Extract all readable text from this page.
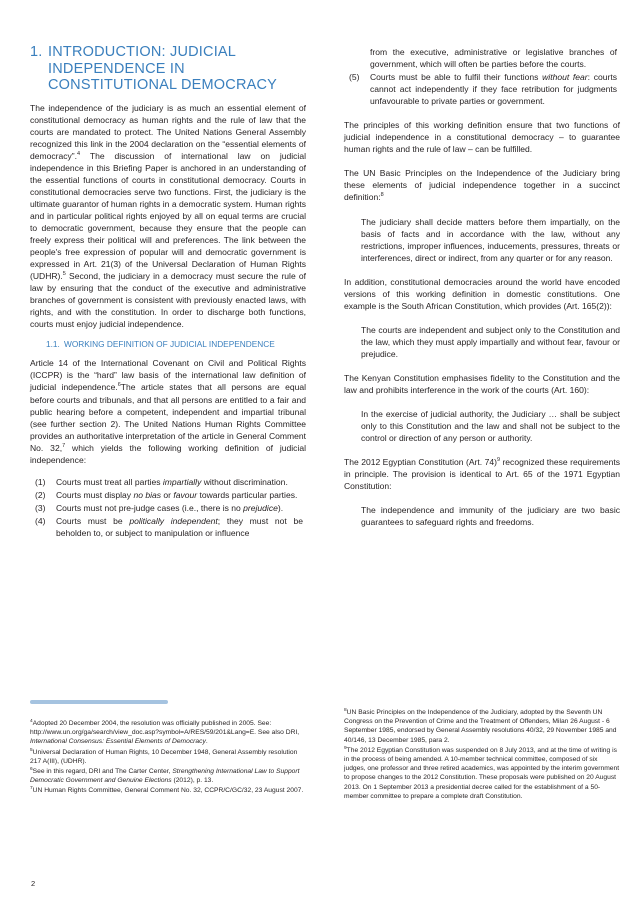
1. INTRODUCTION: JUDICIAL INDEPENDENCE IN CONSTITUTIONAL DEMOCRACY

The independence of the judiciary is as much an essential element of constitutional democracy as human rights and the rule of law that the courts are mandated to protect. The United Nations General Assembly recognized this link in the 2004 declaration on the “essential elements of democracy”.$^4$ The discussion of international law on judicial independence in this Briefing Paper is anchored in an understanding of the essential functions of courts in constitutional democracy. Courts in constitutional democracies serve two functions. First, the judiciary is the ultimate guarantor of human rights in a democratic system. Human rights and in particular political rights enjoyed by all on equal terms are crucial to democratic government, because they ensure that the people can freely express their political will and preferences. The link between the people's free expression of popular will and democratic government is expressed in Art. 21(3) of the Universal Declaration of Human Rights (UDHR).$^5$ Second, the judiciary in a democracy must secure the rule of law by ensuring that the conduct of the executive and administrative branches of government is consistent with previously enacted laws, with rights, and with the constitution. In order to discharge both functions, courts must enjoy judicial independence.

1.1. WORKING DEFINITION OF JUDICIAL INDEPENDENCE

Article 14 of the International Covenant on Civil and Political Rights (ICCPR) is the “hard” law basis of the international law definition of judicial independence.$^6$The article states that all persons are equal before courts and tribunals, and that all persons are entitled to a fair and public hearing before a competent, independent and impartial tribunal (see further section 2). The United Nations Human Rights Committee provides an authoritative interpretation of the article in General Comment No. 32,$^7$ which yields the following working definition of judicial independence:

(1) Courts must treat all parties impartially without discrimination.
(2) Courts must display no bias or favour towards particular parties.
(3) Courts must not pre-judge cases (i.e., there is no prejudice).
(4) Courts must be politically independent; they must not be beholden to, or subject to manipulation or influence
from the executive, administrative or legislative branches of government, which will often be parties before the courts.
(5) Courts must be able to fulfil their functions without fear: courts cannot act independently if they face retribution for judgments unfavourable to private parties or government.

The principles of this working definition ensure that two functions of judicial independence in a constitutional democracy – to guarantee human rights and the rule of law – can be fulfilled.

The UN Basic Principles on the Independence of the Judiciary bring these elements of judicial independence together in a succinct definition:$^8$

The judiciary shall decide matters before them impartially, on the basis of facts and in accordance with the law, without any restrictions, improper influences, inducements, pressures, threats or interferences, direct or indirect, from any quarter or for any reason.

In addition, constitutional democracies around the world have encoded versions of this working definition in domestic constitutions. One example is the South African Constitution, which provides (Art. 165(2)):

The courts are independent and subject only to the Constitution and the law, which they must apply impartially and without fear, favour or prejudice.

The Kenyan Constitution emphasises fidelity to the Constitution and the law and prohibits interference in the work of the courts (Art. 160):

In the exercise of judicial authority, the Judiciary … shall be subject only to this Constitution and the law and shall not be subject to the control or direction of any person or authority.

The 2012 Egyptian Constitution (Art. 74)$^9$ recognized these requirements in principle. The provision is identical to Art. 65 of the 1971 Egyptian Constitution:

The independence and immunity of the judiciary are two basic guarantees to safeguard rights and freedoms.

$^4$Adopted 20 December 2004, the resolution was officially published in 2005. See: http://www.un.org/ga/search/view_doc.asp?symbol=A/RES/59/201&Lang=E. See also DRI, International Consensus: Essential Elements of Democracy.

$^5$Universal Declaration of Human Rights, 10 December 1948, General Assembly resolution 217 A(III), (UDHR).

$^6$See in this regard, DRI and The Carter Center, Strengthening International Law to Support Democratic Government and Genuine Elections (2012), p. 13.

$^7$UN Human Rights Committee, General Comment No. 32, CCPR/C/GC/32, 23 August 2007.

$^8$UN Basic Principles on the Independence of the Judiciary, adopted by the Seventh UN Congress on the Prevention of Crime and the Treatment of Offenders, Milan 26 August - 6 September 1985, endorsed by General Assembly resolutions 40/32, 29 November 1985 and 40/146, 13 December 1985, para 2.

$^9$The 2012 Egyptian Constitution was suspended on 8 July 2013, and at the time of writing is in the process of being amended. A 10-member technical committee, composed of six judges, one professor and three retired academics, was appointed by the interim government to propose changes to the 2012 Constitution. These proposals were published on 20 August 2013. On 1 September 2013 a presidential decree called for the establishment of a 50-member committee to prepare a complete draft Constitution.

2
